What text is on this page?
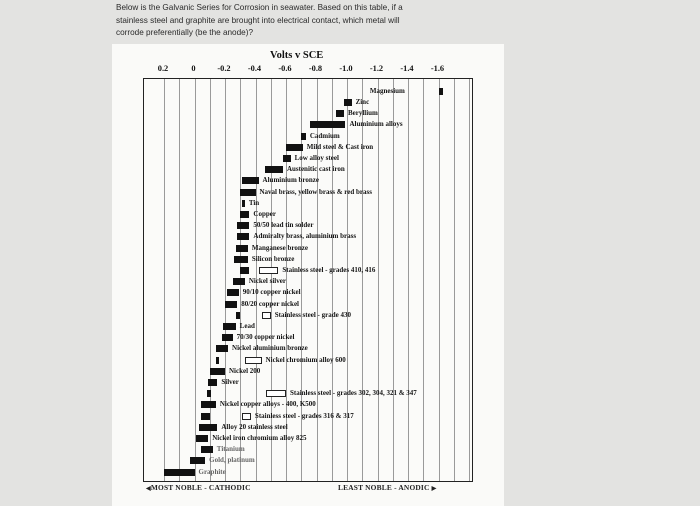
Below is the Galvanic Series for Corrosion in seawater. Based on this table, if a

stainless steel and graphite are brought into electrical contact, which metal will

corrode preferentially (be the anode)?

Volts v SCE
0.2	0	-0.2 -0.4 -0.6 -0.8 -1.0 -1.2 -1.4 -1.6
Magnesium
Zinc
Beryllium
Aluminium alloys
Cadmium
Mild steel & Cast iron
Low alloy steel
Austenitic cast iron
Aluminium bronze
Naval brass, yellow brass & red brass
Tin
Copper
50/50 lead tin solder
Admiralty brass, aluminium brass
Manganese bronze
Silicon bronze
Stainless steel - grades 410, 416
Nickel silver
90/10 copper nickel
80/20 copper nickel
Stainless steel - grade 430
Lead
70/30 copper nickel
Nickel aluminium bronze
Nickel chromium alloy 600
Nickel 200
Silver
Stainless steel - grades 302, 304, 321 & 347
Nickel copper alloys - 400, K500
Stainless steel - grades 316 & 317
Alloy 20 stainless steel
Nickel iron chromium alloy 825
Titanium
Gold, platinum
Graphite
◀MOST NOBLE - CATHODIC	LEAST NOBLE - ANODIC ▶
